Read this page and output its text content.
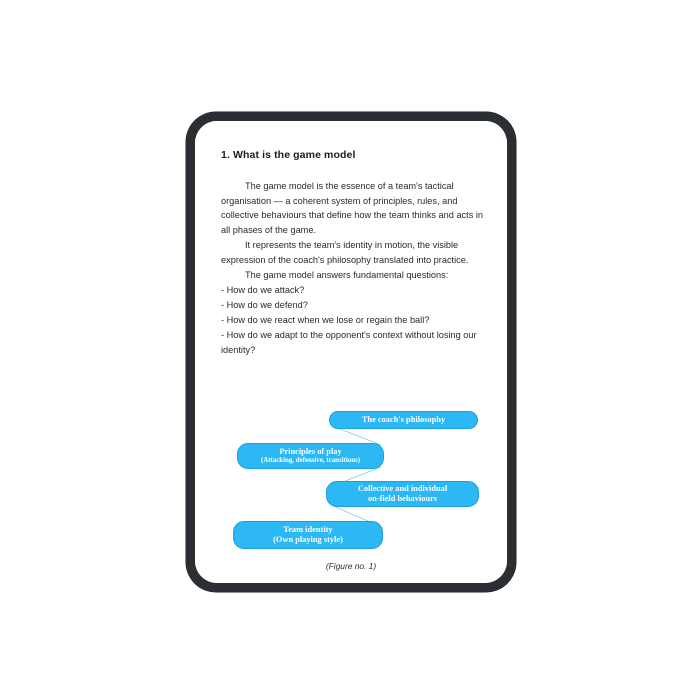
1. What is the game model

The game model is the essence of a team's tactical organisation — a coherent system of principles, rules, and collective behaviours that define how the team thinks and acts in all phases of the game.

It represents the team's identity in motion, the visible expression of the coach's philosophy translated into practice.

The game model answers fundamental questions:

- How do we attack?
- How do we defend?
- How do we react when we lose or regain the ball?
- How do we adapt to the opponent's context without losing our identity?
The coach's philosophy
Principles of play
(Attacking, defensive, transitions)
Collective and individual
on-field behaviours
Team identity
(Own playing style)
(Figure no. 1)
